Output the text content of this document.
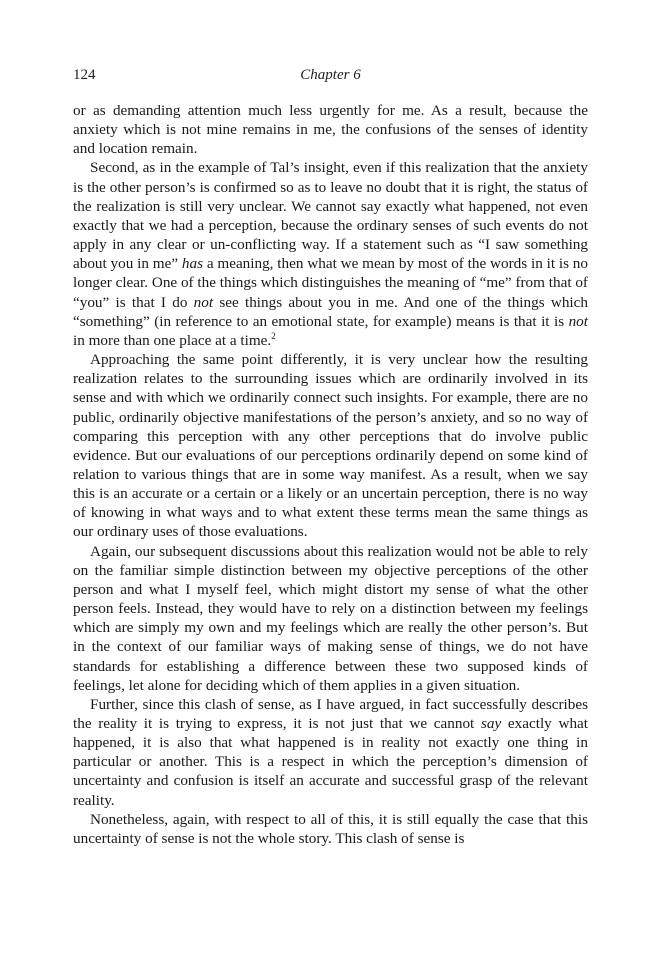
124	Chapter 6

or as demanding attention much less urgently for me. As a result, because the anxiety which is not mine remains in me, the confusions of the senses of identity and location remain.

Second, as in the example of Tal’s insight, even if this realization that the anxiety is the other person’s is confirmed so as to leave no doubt that it is right, the status of the realization is still very unclear. We cannot say exactly what happened, not even exactly that we had a perception, because the ordinary senses of such events do not apply in any clear or un-conflicting way. If a statement such as “I saw something about you in me” has a meaning, then what we mean by most of the words in it is no longer clear. One of the things which distinguishes the meaning of “me” from that of “you” is that I do not see things about you in me. And one of the things which “something” (in reference to an emotional state, for example) means is that it is not in more than one place at a time.$^2$

Approaching the same point differently, it is very unclear how the resulting realization relates to the surrounding issues which are ordinarily involved in its sense and with which we ordinarily connect such insights. For example, there are no public, ordinarily objective manifestations of the person’s anxiety, and so no way of comparing this perception with any other perceptions that do involve public evidence. But our evaluations of our perceptions ordinarily depend on some kind of relation to various things that are in some way manifest. As a result, when we say this is an accurate or a certain or a likely or an uncertain perception, there is no way of knowing in what ways and to what extent these terms mean the same things as our ordinary uses of those evaluations.

Again, our subsequent discussions about this realization would not be able to rely on the familiar simple distinction between my objective perceptions of the other person and what I myself feel, which might distort my sense of what the other person feels. Instead, they would have to rely on a distinction between my feelings which are simply my own and my feelings which are really the other person’s. But in the context of our familiar ways of making sense of things, we do not have standards for establishing a difference between these two supposed kinds of feelings, let alone for deciding which of them applies in a given situation.

Further, since this clash of sense, as I have argued, in fact successfully describes the reality it is trying to express, it is not just that we cannot say exactly what happened, it is also that what happened is in reality not exactly one thing in particular or another. This is a respect in which the perception’s dimension of uncertainty and confusion is itself an accurate and successful grasp of the relevant reality.

Nonetheless, again, with respect to all of this, it is still equally the case that this uncertainty of sense is not the whole story. This clash of sense is
